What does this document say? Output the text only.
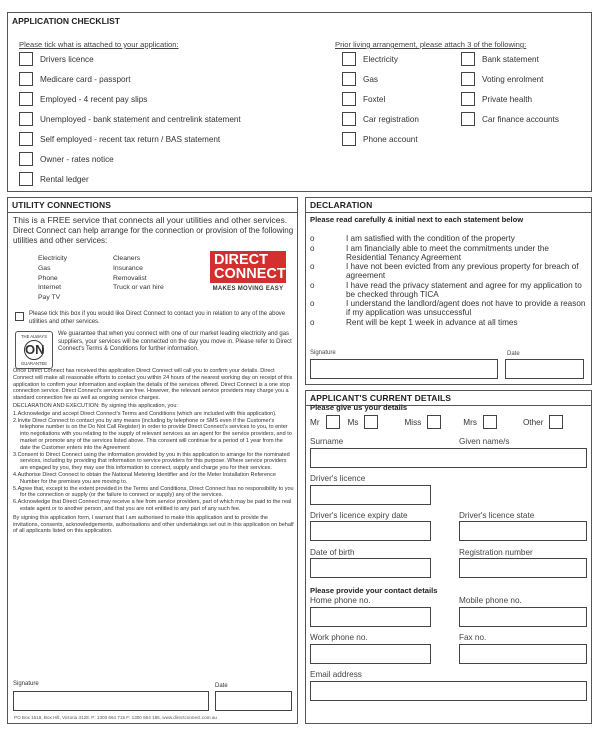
APPLICATION CHECKLIST
Please tick what is attached to your application:	Prior living arrangement, please attach 3 of the following:
Drivers licence
Medicare card - passport
Employed - 4 recent pay slips
Unemployed - bank statement and centrelink statement
Self employed - recent tax return / BAS statement
Owner - rates notice
Rental ledger
Electricity
Gas
Foxtel
Car registration
Phone account
Bank statement
Voting enrolment
Private health
Car finance accounts
UTILITY CONNECTIONS
This is a FREE service that connects all your utilities and other services.
Direct Connect can help arrange for the connection or provision of the following utilities and other services:
Electricity
Gas
Phone
Internet
Pay TV
Cleaners
Insurance
Removalist
Truck or van hire
DIRECT
CONNECT
MAKES MOVING EASY
Please tick this box if you would like Direct Connect to contact you in relation to any of the above utilities and other services.
THE ALWAYS
ON
GUARANTEE
We guarantee that when you connect with one of our market leading electricity and gas suppliers, your services will be connected on the day you move in. Please refer to Direct Connect's Terms & Conditions for further information.

Once Direct Connect has received this application Direct Connect will call you to confirm your details. Direct Connect will make all reasonable efforts to contact you within 24 hours of the nearest working day on receipt of this application to confirm your information and explain the details of the services offered. Direct Connect is a one stop connection service. Direct Connect's services are free. However, the relevant service providers may charge you a standard connection fee as well as ongoing service charges.

DECLARATION AND EXECUTION: By signing this application, you:

1.Acknowledge and accept Direct Connect's Terms and Conditions (which are included with this application).
2.Invite Direct Connect to contact you by any means (including by telephone or SMS even if the Customer's telephone number is on the Do Not Call Register) in order to provide Direct Connect's services to you, to enter into negotiations with you relating to the supply of relevant services as an agent for the service providers, and to market or promote any of the services listed above. This consent will continue for a period of 1 year from the date the Customer enters into the Agreement
3.Consent to Direct Connect using the information provided by you in this application to arrange for the nominated services, including by providing that information to service providers for this purpose. Where service providers are engaged by you, they may use this information to connect, supply and charge you for their services.
4.Authorise Direct Connect to obtain the National Metering Identifier and /or the Meter Installation Reference Number for the premises you are moving to.
5.Agree that, except to the extent provided in the Terms and Conditions, Direct Connect has no responsibility to you for the connection or supply (or the failure to connect or supply) any of the services.
6.Acknowledge that Direct Connect may receive a fee from service providers, part of which may be paid to the real estate agent or to another person, and that you are not entitled to any part of any such fee.

By signing this application form, I warrant that I am authorised to make this application and to provide the invitations, consents, acknowledgements, authorisations and other undertakings set out in this application on behalf of all applicants listed on this application.

Signature	Date
PO Box 1519, Box Hill, Victoria 3128. P: 1300 664 715 F: 1300 664 185. www.directconnect.com.au
DECLARATION
Please read carefully & initial next to each statement below
o	I am satisfied with the condition of the property
o	I am financially able to meet the commitments under the Residential Tenancy Agreement
o	I have not been evicted from any previous property for breach of agreement
o	I have read the privacy statement and agree for my application to be checked through TICA
o	I understand the landlord/agent does not have to provide a reason if my application was unsuccessful
o	Rent will be kept 1 week in advance at all times
Signature	Date
APPLICANT'S CURRENT DETAILS
Please give us your details
Mr	Ms	Miss	Mrs	Other
Surname	Given name/s
Driver's licence
Driver's licence expiry date	Driver's licence state
Date of birth	Registration number
Please provide your contact details
Home phone no.	Mobile phone no.
Work phone no.	Fax no.
Email address
